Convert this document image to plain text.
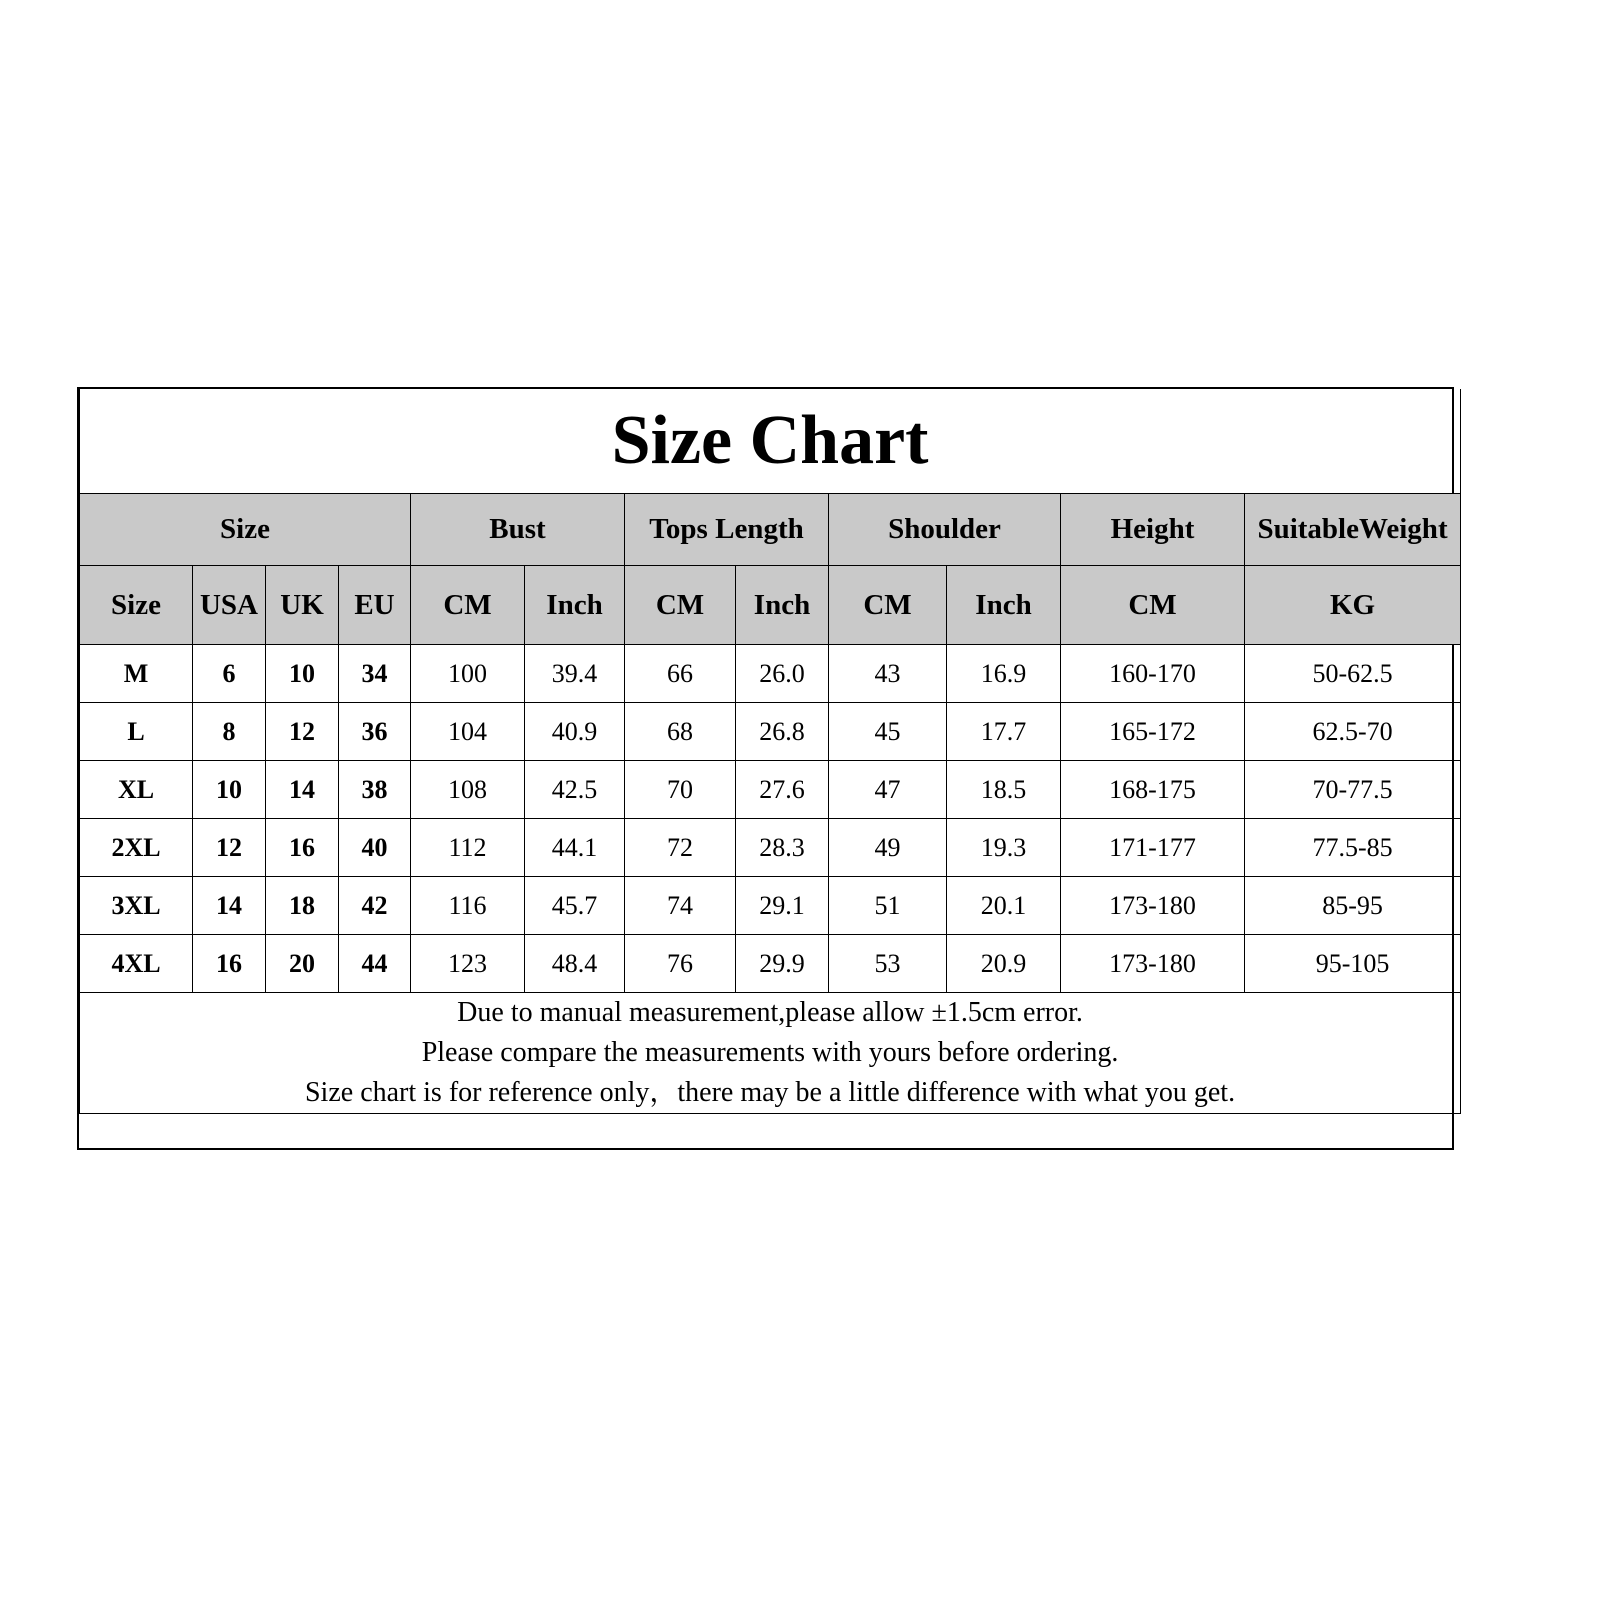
Size Chart											
Size				Bust		Tops Length		Shoulder		Height	SuitableWeight
Size	USA	UK	EU	CM	Inch	CM	Inch	CM	Inch	CM	KG
M	6	10	34	100	39.4	66	26.0	43	16.9	160-170	50-62.5
L	8	12	36	104	40.9	68	26.8	45	17.7	165-172	62.5-70
XL	10	14	38	108	42.5	70	27.6	47	18.5	168-175	70-77.5
2XL	12	16	40	112	44.1	72	28.3	49	19.3	171-177	77.5-85
3XL	14	18	42	116	45.7	74	29.1	51	20.1	173-180	85-95
4XL	16	20	44	123	48.4	76	29.9	53	20.9	173-180	95-105

Due to manual measurement,please allow ±1.5cm error.
Please compare the measurements with yours before ordering.
Size chart is for reference only，there may be a little difference with what you get.											
